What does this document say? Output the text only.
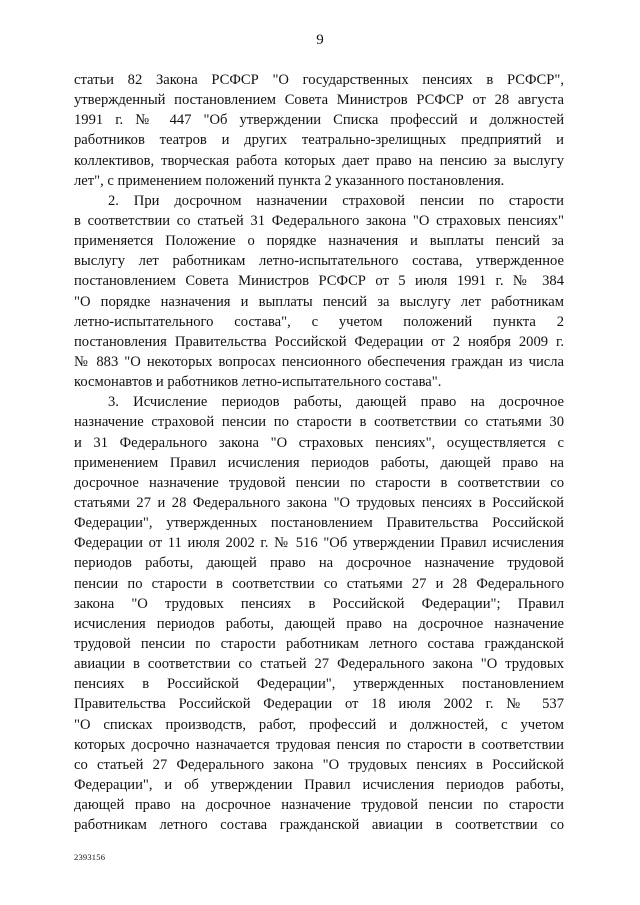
9
статьи 82 Закона РСФСР "О государственных пенсиях в РСФСР",
утвержденный постановлением Совета Министров РСФСР от 28 августа
1991 г. № 447 "Об утверждении Списка профессий и должностей
работников театров и других театрально-зрелищных предприятий и
коллективов, творческая работа которых дает право на пенсию за выслугу
лет", с применением положений пункта 2 указанного постановления.
2. При досрочном назначении страховой пенсии по старости
в соответствии со статьей 31 Федерального закона "О страховых пенсиях"
применяется Положение о порядке назначения и выплаты пенсий за
выслугу лет работникам летно-испытательного состава, утвержденное
постановлением Совета Министров РСФСР от 5 июля 1991 г. № 384
"О порядке назначения и выплаты пенсий за выслугу лет работникам
летно-испытательного состава", с учетом положений пункта 2
постановления Правительства Российской Федерации от 2 ноября 2009 г.
№ 883 "О некоторых вопросах пенсионного обеспечения граждан из числа
космонавтов и работников летно-испытательного состава".
3. Исчисление периодов работы, дающей право на досрочное
назначение страховой пенсии по старости в соответствии со статьями 30
и 31 Федерального закона "О страховых пенсиях", осуществляется с
применением Правил исчисления периодов работы, дающей право на
досрочное назначение трудовой пенсии по старости в соответствии со
статьями 27 и 28 Федерального закона "О трудовых пенсиях в Российской
Федерации", утвержденных постановлением Правительства Российской
Федерации от 11 июля 2002 г. № 516 "Об утверждении Правил исчисления
периодов работы, дающей право на досрочное назначение трудовой
пенсии по старости в соответствии со статьями 27 и 28 Федерального
закона "О трудовых пенсиях в Российской Федерации"; Правил
исчисления периодов работы, дающей право на досрочное назначение
трудовой пенсии по старости работникам летного состава гражданской
авиации в соответствии со статьей 27 Федерального закона "О трудовых
пенсиях в Российской Федерации", утвержденных постановлением
Правительства Российской Федерации от 18 июля 2002 г. № 537
"О списках производств, работ, профессий и должностей, с учетом
которых досрочно назначается трудовая пенсия по старости в соответствии
со статьей 27 Федерального закона "О трудовых пенсиях в Российской
Федерации", и об утверждении Правил исчисления периодов работы,
дающей право на досрочное назначение трудовой пенсии по старости
работникам летного состава гражданской авиации в соответствии со
2393156
